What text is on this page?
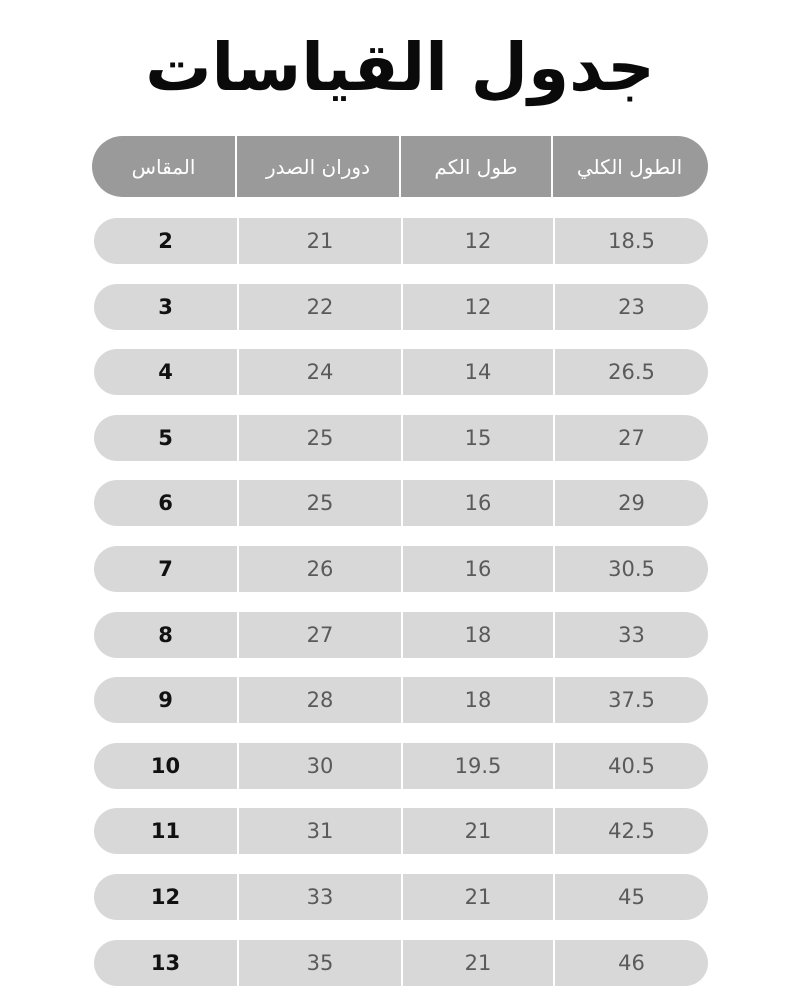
جدول القياسات
المقاس	دوران الصدر	طول الكم	الطول الكلي
2	21	12	18.5
3	22	12	23
4	24	14	26.5
5	25	15	27
6	25	16	29
7	26	16	30.5
8	27	18	33
9	28	18	37.5
10	30	19.5	40.5
11	31	21	42.5
12	33	21	45
13	35	21	46
